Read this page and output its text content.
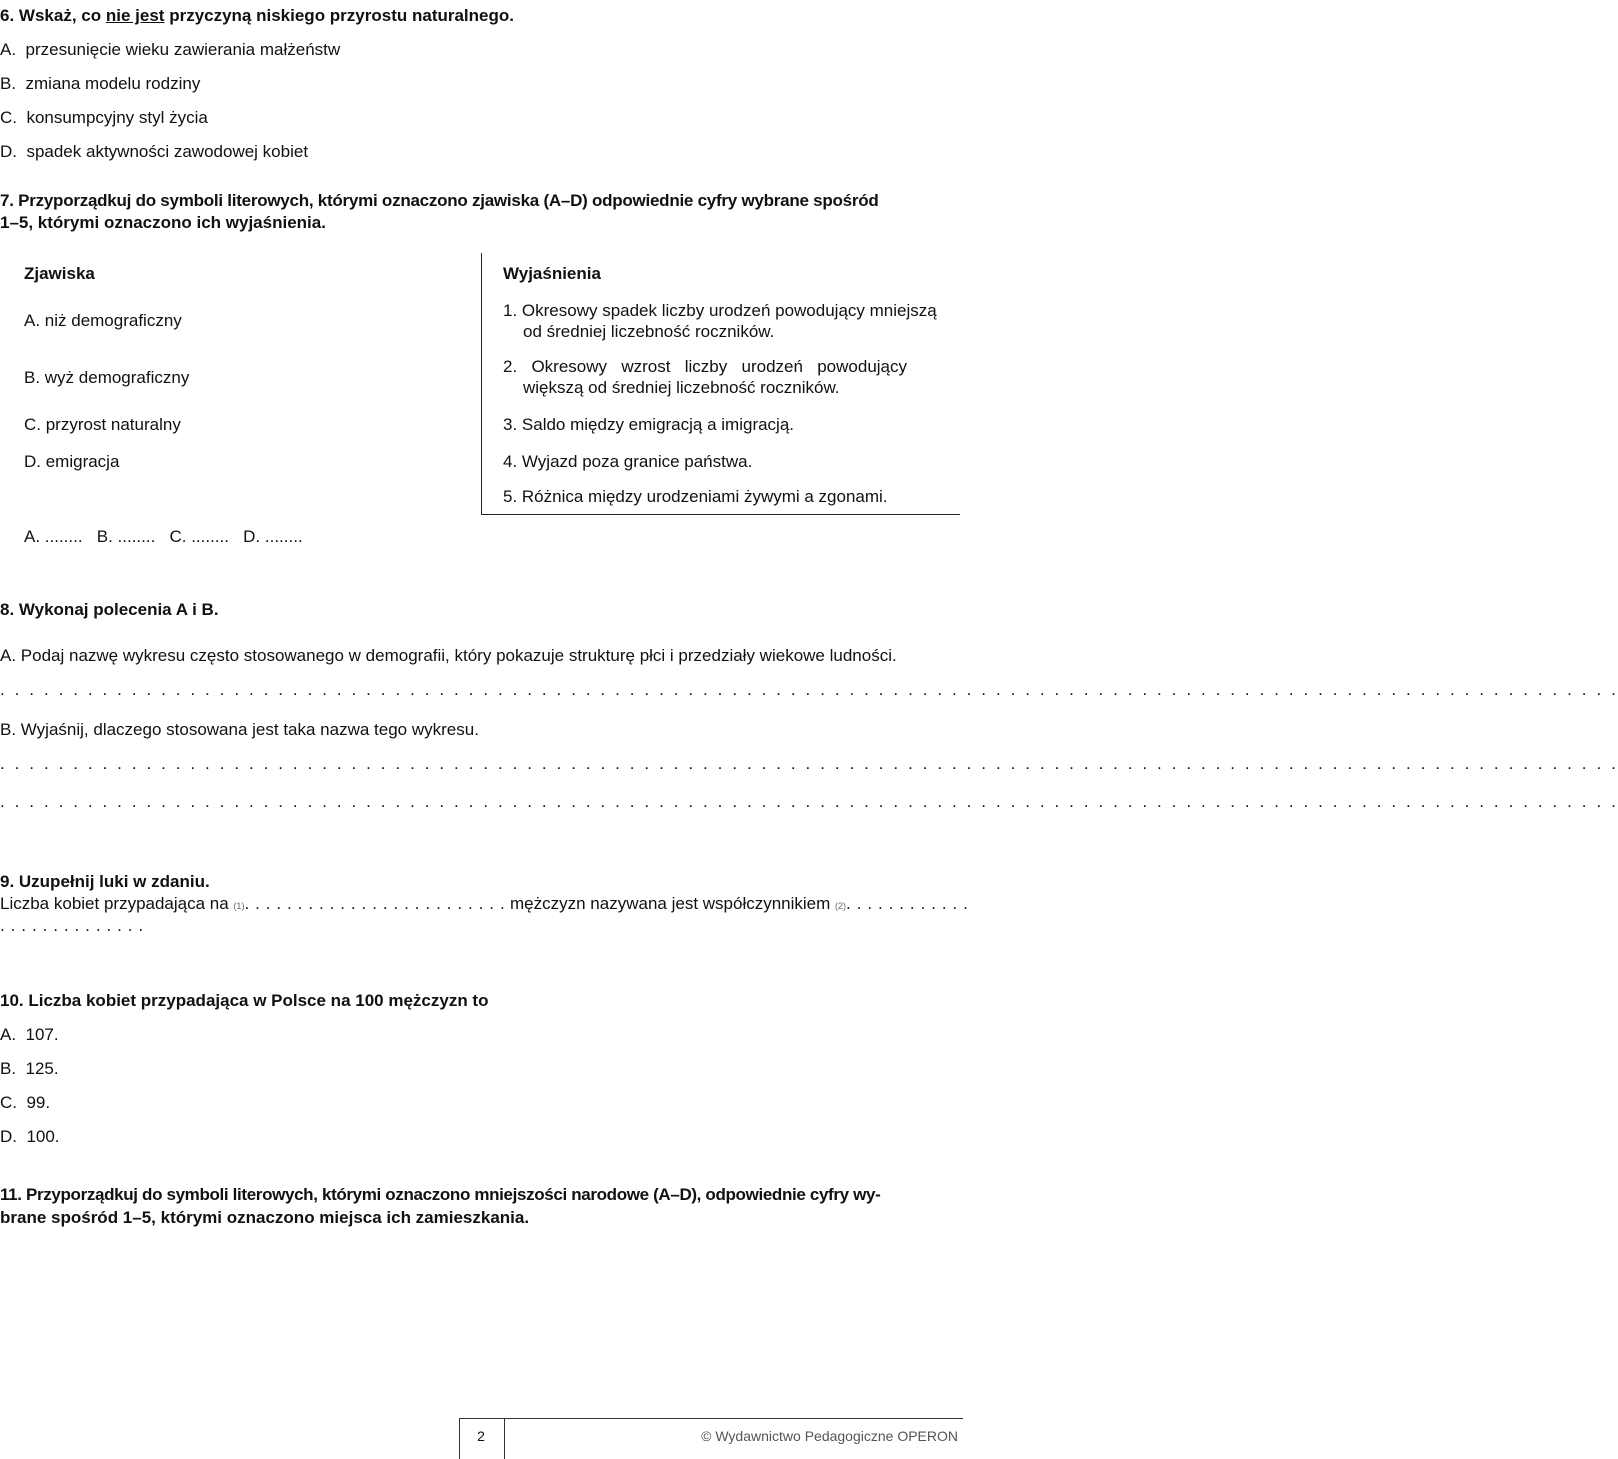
6. Wskaż, co nie jest przyczyną niskiego przyrostu naturalnego.
A.  przesunięcie wieku zawierania małżeństw
B.  zmiana modelu rodziny
C.  konsumpcyjny styl życia
D.  spadek aktywności zawodowej kobiet
7. Przyporządkuj do symboli literowych, którymi oznaczono zjawiska (A–D) odpowiednie cyfry wybrane spośród
1–5, którymi oznaczono ich wyjaśnienia.
Zjawiska
A. niż demograficzny
B. wyż demograficzny
C. przyrost naturalny
D. emigracja
Wyjaśnienia
1. Okresowy spadek liczby urodzeń powodujący mniejszą
od średniej liczebność roczników.
2. Okresowy wzrost liczby urodzeń powodujący
większą od średniej liczebność roczników.
3. Saldo między emigracją a imigracją.
4. Wyjazd poza granice państwa.
5. Różnica między urodzeniami żywymi a zgonami.
A. ........   B. ........   C. ........   D. ........
8. Wykonaj polecenia A i B.
A. Podaj nazwę wykresu często stosowanego w demografii, który pokazuje strukturę płci i przedziały wiekowe ludności.
. . . . . . . . . . . . . . . . . . . . . . . . . . . . . . . . . . . . . . . . . . . . . . . . . . . . . . . . . . . . . . . . . . . . . . . . . . . . . . . . . . . . . . . . . . . . . . . . . . . . . . . . . . . . . . .
B. Wyjaśnij, dlaczego stosowana jest taka nazwa tego wykresu.
. . . . . . . . . . . . . . . . . . . . . . . . . . . . . . . . . . . . . . . . . . . . . . . . . . . . . . . . . . . . . . . . . . . . . . . . . . . . . . . . . . . . . . . . . . . . . . . . . . . . . . . . . . . . . . .
. . . . . . . . . . . . . . . . . . . . . . . . . . . . . . . . . . . . . . . . . . . . . . . . . . . . . . . . . . . . . . . . . . . . . . . . . . . . . . . . . . . . . . . . . . . . . . . . . . . . . . . . . . . . . . .
9. Uzupełnij luki w zdaniu.
Liczba kobiet przypadająca na (1). . . . . . . . . . . . . . . . . . . . . . . . . mężczyzn nazywana jest współczynnikiem (2). . . . . . . . . . . .
. . . . . . . . . . . . . .
10. Liczba kobiet przypadająca w Polsce na 100 mężczyzn to
A.  107.
B.  125.
C.  99.
D.  100.
11. Przyporządkuj do symboli literowych, którymi oznaczono mniejszości narodowe (A–D), odpowiednie cyfry wy-
brane spośród 1–5, którymi oznaczono miejsca ich zamieszkania.
2	© Wydawnictwo Pedagogiczne OPERON
